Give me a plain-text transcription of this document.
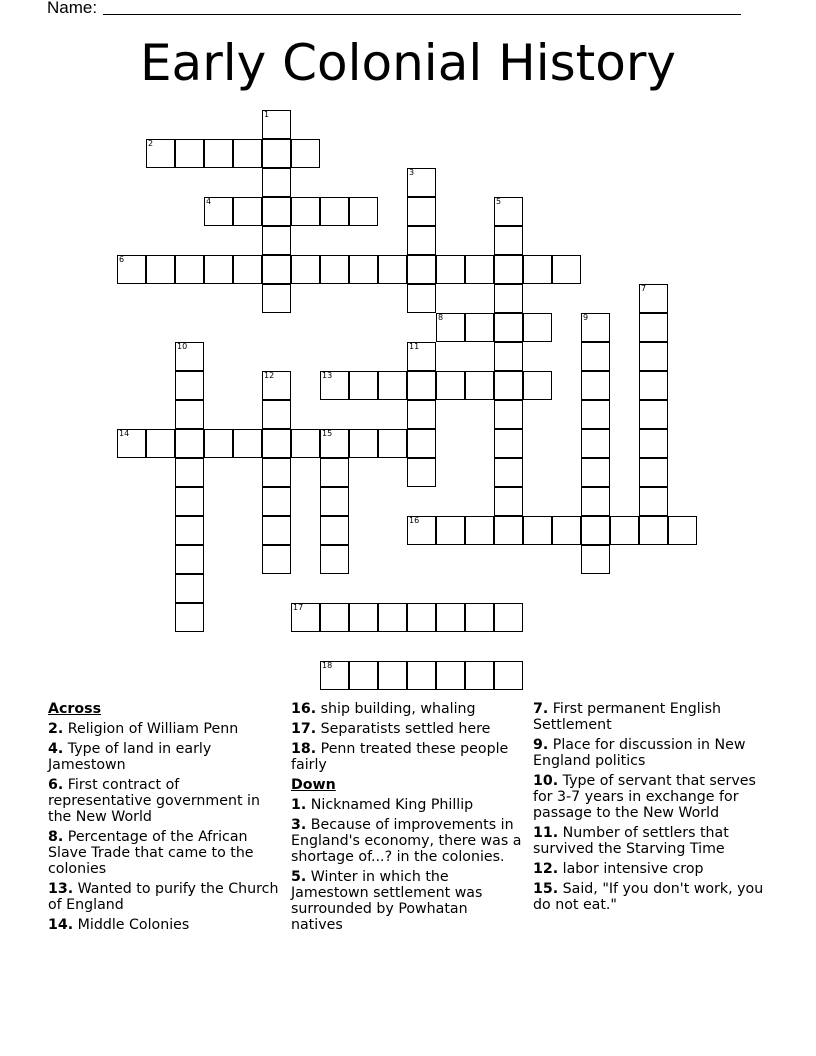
Name:
Early Colonial History
1
2
3
4	5
6
7
8	9
10	11
12	13
14	15
16
17
18
Across
2. Religion of William Penn
4. Type of land in early Jamestown
6. First contract of representative government in the New World
8. Percentage of the African Slave Trade that came to the colonies
13. Wanted to purify the Church of England
14. Middle Colonies
16. ship building, whaling
17. Separatists settled here
18. Penn treated these people fairly
Down
1. Nicknamed King Phillip
3. Because of improvements in England's economy, there was a shortage of...? in the colonies.
5. Winter in which the Jamestown settlement was surrounded by Powhatan natives
7. First permanent English Settlement
9. Place for discussion in New England politics
10. Type of servant that serves for 3-7 years in exchange for passage to the New World
11. Number of settlers that survived the Starving Time
12. labor intensive crop
15. Said, "If you don't work, you do not eat."
